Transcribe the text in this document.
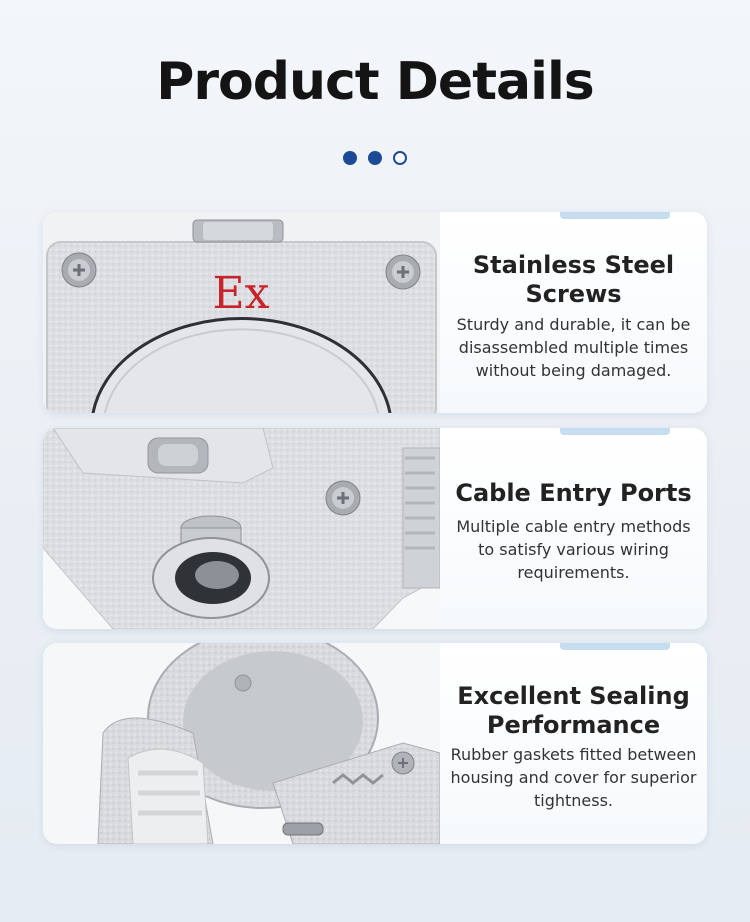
Product Details
Ex
Stainless Steel
Screws
Sturdy and durable, it can be
disassembled multiple times
without being damaged.
Cable Entry Ports
Multiple cable entry methods
to satisfy various wiring
requirements.
Excellent Sealing
Performance
Rubber gaskets fitted between
housing and cover for superior
tightness.
